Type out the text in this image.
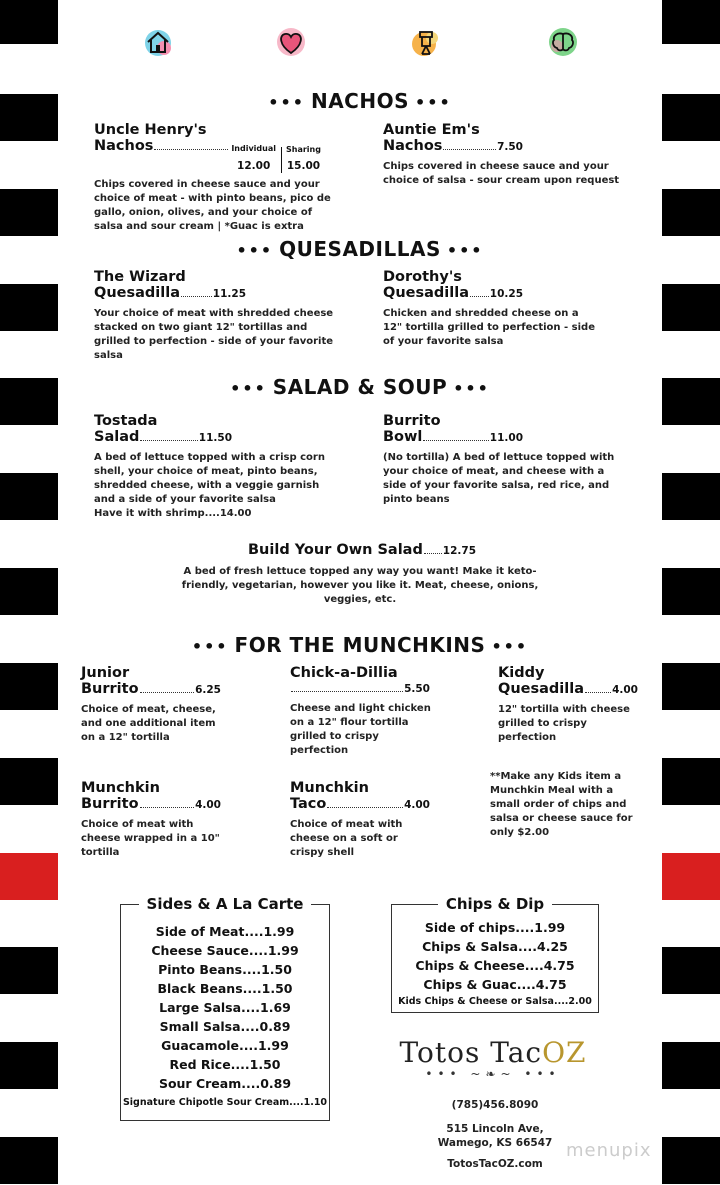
••• NACHOS •••
Uncle Henry's
Nachos	Individual
12.00
Sharing
15.00
Chips covered in cheese sauce and your choice of meat - with pinto beans, pico de gallo, onion, olives, and your choice of salsa and sour cream | *Guac is extra
Auntie Em's
Nachos	7.50
Chips covered in cheese sauce and your choice of salsa - sour cream upon request
••• QUESADILLAS •••
The Wizard
Quesadilla	11.25
Your choice of meat with shredded cheese stacked on two giant 12" tortillas and grilled to perfection - side of your favorite salsa
Dorothy's
Quesadilla 10.25
Chicken and shredded cheese on a 12" tortilla grilled to perfection - side of your favorite salsa
••• SALAD & SOUP •••
Tostada
Salad	11.50
A bed of lettuce topped with a crisp corn shell, your choice of meat, pinto beans, shredded cheese, with a veggie garnish and a side of your favorite salsa
Have it with shrimp....14.00
Burrito
Bowl	11.00
(No tortilla) A bed of lettuce topped with your choice of meat, and cheese with a side of your favorite salsa, red rice, and pinto beans
Build Your Own Salad 12.75
A bed of fresh lettuce topped any way you want! Make it keto-friendly, vegetarian, however you like it. Meat, cheese, onions, veggies, etc.
••• FOR THE MUNCHKINS •••
Junior
Burrito	6.25
Choice of meat, cheese, and one additional item on a 12" tortilla
Chick-a-Dillia
5.50
Cheese and light chicken on a 12" flour tortilla grilled to crispy perfection
Kiddy
Quesadilla	4.00
12" tortilla with cheese grilled to crispy perfection
Munchkin
Burrito	4.00
Choice of meat with cheese wrapped in a 10" tortilla
Munchkin
Taco	4.00
Choice of meat with cheese on a soft or crispy shell
**Make any Kids item a Munchkin Meal with a small order of chips and salsa or cheese sauce for only $2.00
Sides & A La Carte
Side of Meat....1.99
Cheese Sauce....1.99
Pinto Beans....1.50
Black Beans....1.50
Large Salsa....1.69
Small Salsa....0.89
Guacamole....1.99
Red Rice....1.50
Sour Cream....0.89
Signature Chipotle Sour Cream....1.10
Chips & Dip
Side of chips....1.99
Chips & Salsa....4.25
Chips & Cheese....4.75
Chips & Guac....4.75
Kids Chips & Cheese or Salsa....2.00
Totos TacOZ
••• ~❧~ •••
(785)456.8090
515 Lincoln Ave,
Wamego, KS 66547
TotosTacOZ.com
menupix
